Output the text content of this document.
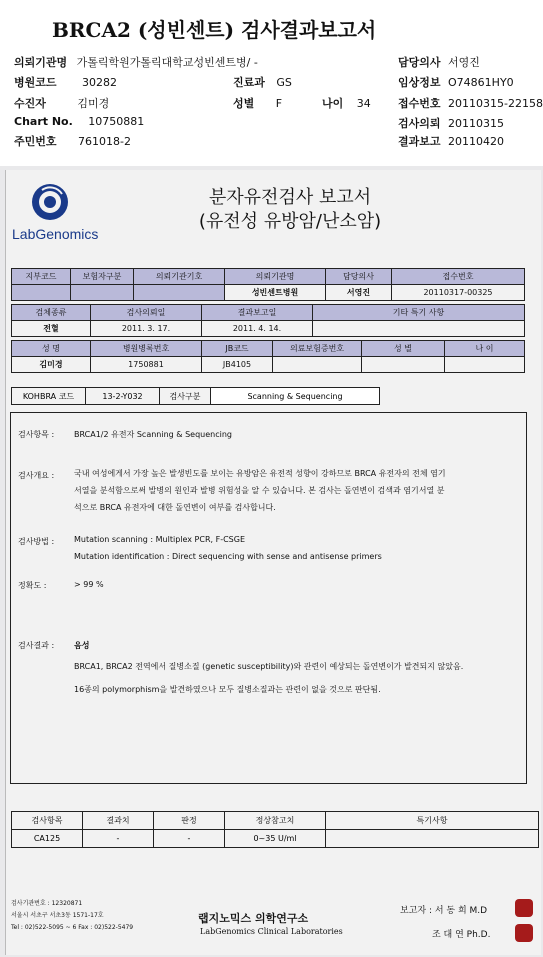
BRCA2 (성빈센트) 검사결과보고서
의뢰기관명 가톨릭학원가톨릭대학교성빈센트병/ -	담당의사 서영진
병원코드 30282	진료과 GS	임상정보 O74861HY0
수진자	김미경	성별 F	나이 34 접수번호 20110315-22158
Chart No. 10750881	검사의뢰 20110315
주민번호 761018-2	결과보고 20110420
LabGenomics
분자유전검사 보고서
(유전성 유방암/난소암)
지부코드	보험자구분	의뢰기관기호	의뢰기관명	담당의사	접수번호
			성빈센트병원	서영진	20110317-00325
검체종류	검사의뢰일	결과보고일	기타 특기 사항
전혈	2011. 3. 17.	2011. 4. 14.	
성 명	병원병록번호	JB코드	의료보험증번호	성 별	나 이
김미경	1750881	JB4105			
KOHBRA 코드	13-2-Y032	검사구분	Scanning & Sequencing
검사항목 : BRCA1/2 유전자 Scanning & Sequencing
검사개요 : 국내 여성에게서 가장 높은 발생빈도를 보이는 유방암은 유전적 성향이 강하므로 BRCA 유전자의 전체 염기
서열을 분석함으로써 발병의 원인과 발병 위험성을 알 수 있습니다. 본 검사는 돌연변이 검색과 염기서열 분
석으로 BRCA 유전자에 대한 돌연변이 여부를 검사합니다.
검사방법 : Mutation scanning : Multiplex PCR, F-CSGE
Mutation identification : Direct sequencing with sense and antisense primers
정확도 :	> 99 %
검사결과 : 음성
BRCA1, BRCA2 전역에서 질병소질 (genetic susceptibility)와 관련이 예상되는 돌연변이가 발견되지 않았음.
16종의 polymorphism을 발견하였으나 모두 질병소질과는 관련이 없을 것으로 판단됨.
검사항목	결과치	판정	정상참고치	특기사항
CA125	-	-	0~35 U/ml	
검사기관번호 : 12320871
서울시 서초구 서초3동 1571-17호
Tel : 02)522-5095 ~ 6 Fax : 02)522-5479
랩지노믹스 의학연구소
LabGenomics Clinical Laboratories
보고자 : 서 동 희 M.D
조 대 연 Ph.D.
